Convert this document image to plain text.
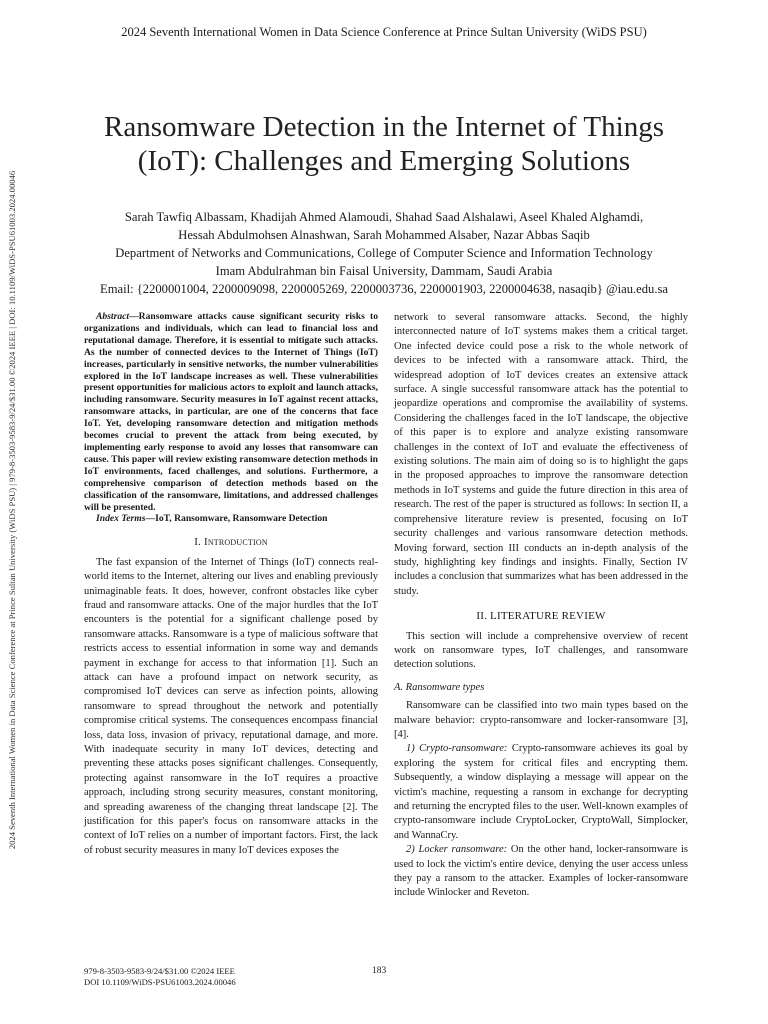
2024 Seventh International Women in Data Science Conference at Prince Sultan University (WiDS PSU)
2024 Seventh International Women in Data Science Conference at Prince Sultan University (WiDS PSU) | 979-8-3503-9583-9/24/$31.00 ©2024 IEEE | DOI: 10.1109/WiDS-PSU61003.2024.00046
Ransomware Detection in the Internet of Things
(IoT): Challenges and Emerging Solutions
Sarah Tawfiq Albassam, Khadijah Ahmed Alamoudi, Shahad Saad Alshalawi, Aseel Khaled Alghamdi,
Hessah Abdulmohsen Alnashwan, Sarah Mohammed Alsaber, Nazar Abbas Saqib
Department of Networks and Communications, College of Computer Science and Information Technology
Imam Abdulrahman bin Faisal University, Dammam, Saudi Arabia
Email: {2200001004, 2200009098, 2200005269, 2200003736, 2200001903, 2200004638, nasaqib} @iau.edu.sa

Abstract—Ransomware attacks cause significant security risks to organizations and individuals, which can lead to financial loss and reputational damage. Therefore, it is essential to mitigate such attacks. As the number of connected devices to the Internet of Things (IoT) increases, particularly in sensitive networks, the number vulnerabilities explored in the IoT landscape increases as well. These vulnerabilities present opportunities for malicious actors to exploit and launch attacks, including ransomware. Security measures in IoT against recent attacks, ransomware attacks, in particular, are one of the concerns that face IoT. Yet, developing ransomware detection and mitigation methods becomes crucial to prevent the attack from being executed, by implementing early response to avoid any losses that ransomware can cause. This paper will review existing ransomware detection methods in IoT environments, faced challenges, and solutions. Furthermore, a comprehensive comparison of detection methods based on the classification of the ransomware, limitations, and addressed challenges will be presented.

Index Terms—IoT, Ransomware, Ransomware Detection

I. Introduction

The fast expansion of the Internet of Things (IoT) connects real-world items to the Internet, altering our lives and enabling previously unimaginable feats. It does, however, confront obstacles like cyber fraud and ransomware attacks. One of the major hurdles that the IoT encounters is the potential for a significant challenge posed by ransomware attacks. Ransomware is a type of malicious software that restricts access to essential information in some way and demands payment in exchange for access to that information [1]. Such an attack can have a profound impact on network security, as compromised IoT devices can serve as infection points, allowing ransomware to spread throughout the network and potentially compromise critical systems. The consequences encompass financial loss, data loss, invasion of privacy, reputational damage, and more. With inadequate security in many IoT devices, detecting and preventing these attacks poses significant challenges. Consequently, protecting against ransomware in the IoT requires a proactive approach, including strong security measures, constant monitoring, and spreading awareness of the changing threat landscape [2]. The justification for this paper's focus on ransomware attacks in the context of IoT relies on a number of important factors. First, the lack of robust security measures in many IoT devices exposes the

network to several ransomware attacks. Second, the highly interconnected nature of IoT systems makes them a critical target. One infected device could pose a risk to the whole network of devices to be infected with a ransomware attack. Third, the widespread adoption of IoT devices creates an extensive attack surface. A single successful ransomware attack has the potential to jeopardize operations and compromise the availability of systems. Considering the challenges faced in the IoT landscape, the objective of this paper is to explore and analyze existing ransomware challenges in the context of IoT and evaluate the effectiveness of existing solutions. The main aim of doing so is to highlight the gaps in the proposed approaches to improve the ransomware detection methods in IoT systems and guide the future direction in this area of research. The rest of the paper is structured as follows: In section II, a comprehensive literature review is presented, focusing on IoT security challenges and various ransomware detection methods. Moving forward, section III conducts an in-depth analysis of the study, highlighting key findings and insights. Finally, Section IV includes a conclusion that summarizes what has been addressed in the study.

II. LITERATURE REVIEW

This section will include a comprehensive overview of recent work on ransomware types, IoT challenges, and ransomware detection solutions.

A. Ransomware types

Ransomware can be classified into two main types based on the malware behavior: crypto-ransomware and locker-ransomware [3], [4].

1) Crypto-ransomware: Crypto-ransomware achieves its goal by exploring the system for critical files and encrypting them. Subsequently, a window displaying a message will appear on the victim's machine, requesting a ransom in exchange for decrypting and returning the encrypted files to the user. Well-known examples of crypto-ransomware include CryptoLocker, CryptoWall, Simplocker, and WannaCry.

2) Locker ransomware: On the other hand, locker-ransomware is used to lock the victim's entire device, denying the user access unless they pay a ransom to the attacker. Examples of locker-ransomware include Winlocker and Reveton.

979-8-3503-9583-9/24/$31.00 ©2024 IEEE
DOI 10.1109/WiDS-PSU61003.2024.00046
183
